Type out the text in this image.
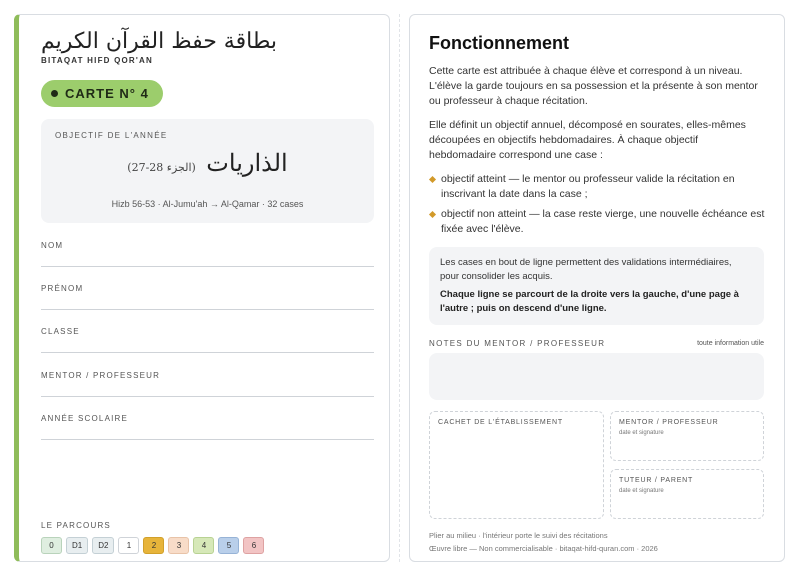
بطاقة حفظ القرآن الكريم
BITAQAT HIFD QOR'AN
CARTE N° 4
OBJECTIF DE L'ANNÉE
الذاريات (الجزء 28-27)
Hizb 56-53 · Al-Jumu'ah → Al-Qamar · 32 cases
NOM
PRÉNOM
CLASSE
MENTOR / PROFESSEUR
ANNÉE SCOLAIRE
LE PARCOURS
0	D1	D2	1	2	3	4	5	6
Fonctionnement
Cette carte est attribuée à chaque élève et correspond à un niveau. L'élève la garde toujours en sa possession et la présente à son mentor ou professeur à chaque récitation.
Elle définit un objectif annuel, décomposé en sourates, elles-mêmes découpées en objectifs hebdomadaires. À chaque objectif hebdomadaire correspond une case :
objectif atteint — le mentor ou professeur valide la récitation en inscrivant la date dans la case ;
objectif non atteint — la case reste vierge, une nouvelle échéance est fixée avec l'élève.
Les cases en bout de ligne permettent des validations intermédiaires, pour consolider les acquis.
Chaque ligne se parcourt de la droite vers la gauche, d'une page à l'autre ; puis on descend d'une ligne.
NOTES DU MENTOR / PROFESSEUR	toute information utile
CACHET DE L'ÉTABLISSEMENT	MENTOR / PROFESSEUR
date et signature
TUTEUR / PARENT
date et signature
Plier au milieu · l'intérieur porte le suivi des récitations
Œuvre libre — Non commercialisable · bitaqat-hifd-quran.com · 2026
